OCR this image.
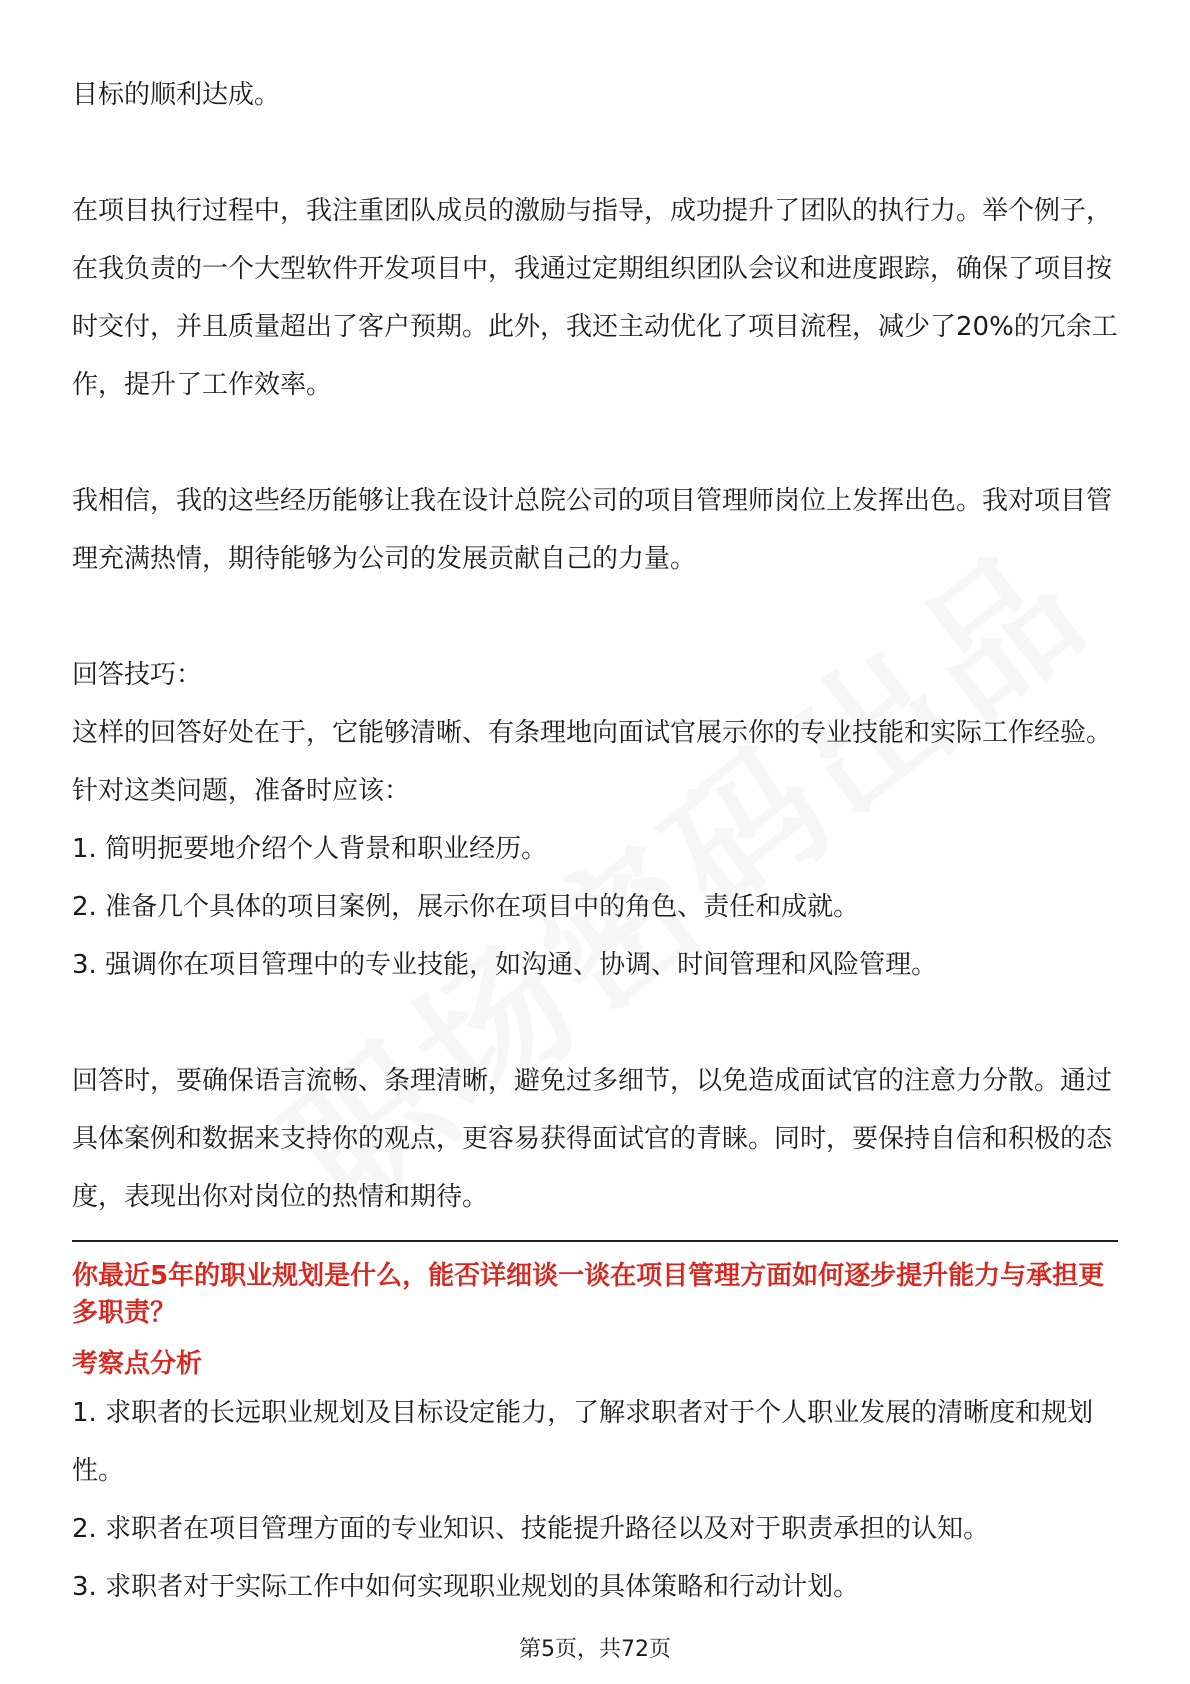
目标的顺利达成。

在项目执行过程中，我注重团队成员的激励与指导，成功提升了团队的执行力。举个例子，在我负责的一个大型软件开发项目中，我通过定期组织团队会议和进度跟踪，确保了项目按时交付，并且质量超出了客户预期。此外，我还主动优化了项目流程，减少了20%的冗余工作，提升了工作效率。

我相信，我的这些经历能够让我在设计总院公司的项目管理师岗位上发挥出色。我对项目管理充满热情，期待能够为公司的发展贡献自己的力量。

回答技巧：

这样的回答好处在于，它能够清晰、有条理地向面试官展示你的专业技能和实际工作经验。针对这类问题，准备时应该：

1. 简明扼要地介绍个人背景和职业经历。

2. 准备几个具体的项目案例，展示你在项目中的角色、责任和成就。

3. 强调你在项目管理中的专业技能，如沟通、协调、时间管理和风险管理。

回答时，要确保语言流畅、条理清晰，避免过多细节，以免造成面试官的注意力分散。通过具体案例和数据来支持你的观点，更容易获得面试官的青睐。同时，要保持自信和积极的态度，表现出你对岗位的热情和期待。

你最近5年的职业规划是什么，能否详细谈一谈在项目管理方面如何逐步提升能力与承担更多职责？

考察点分析

1. 求职者的长远职业规划及目标设定能力，了解求职者对于个人职业发展的清晰度和规划性。

2. 求职者在项目管理方面的专业知识、技能提升路径以及对于职责承担的认知。

3. 求职者对于实际工作中如何实现职业规划的具体策略和行动计划。

第5页，共72页
